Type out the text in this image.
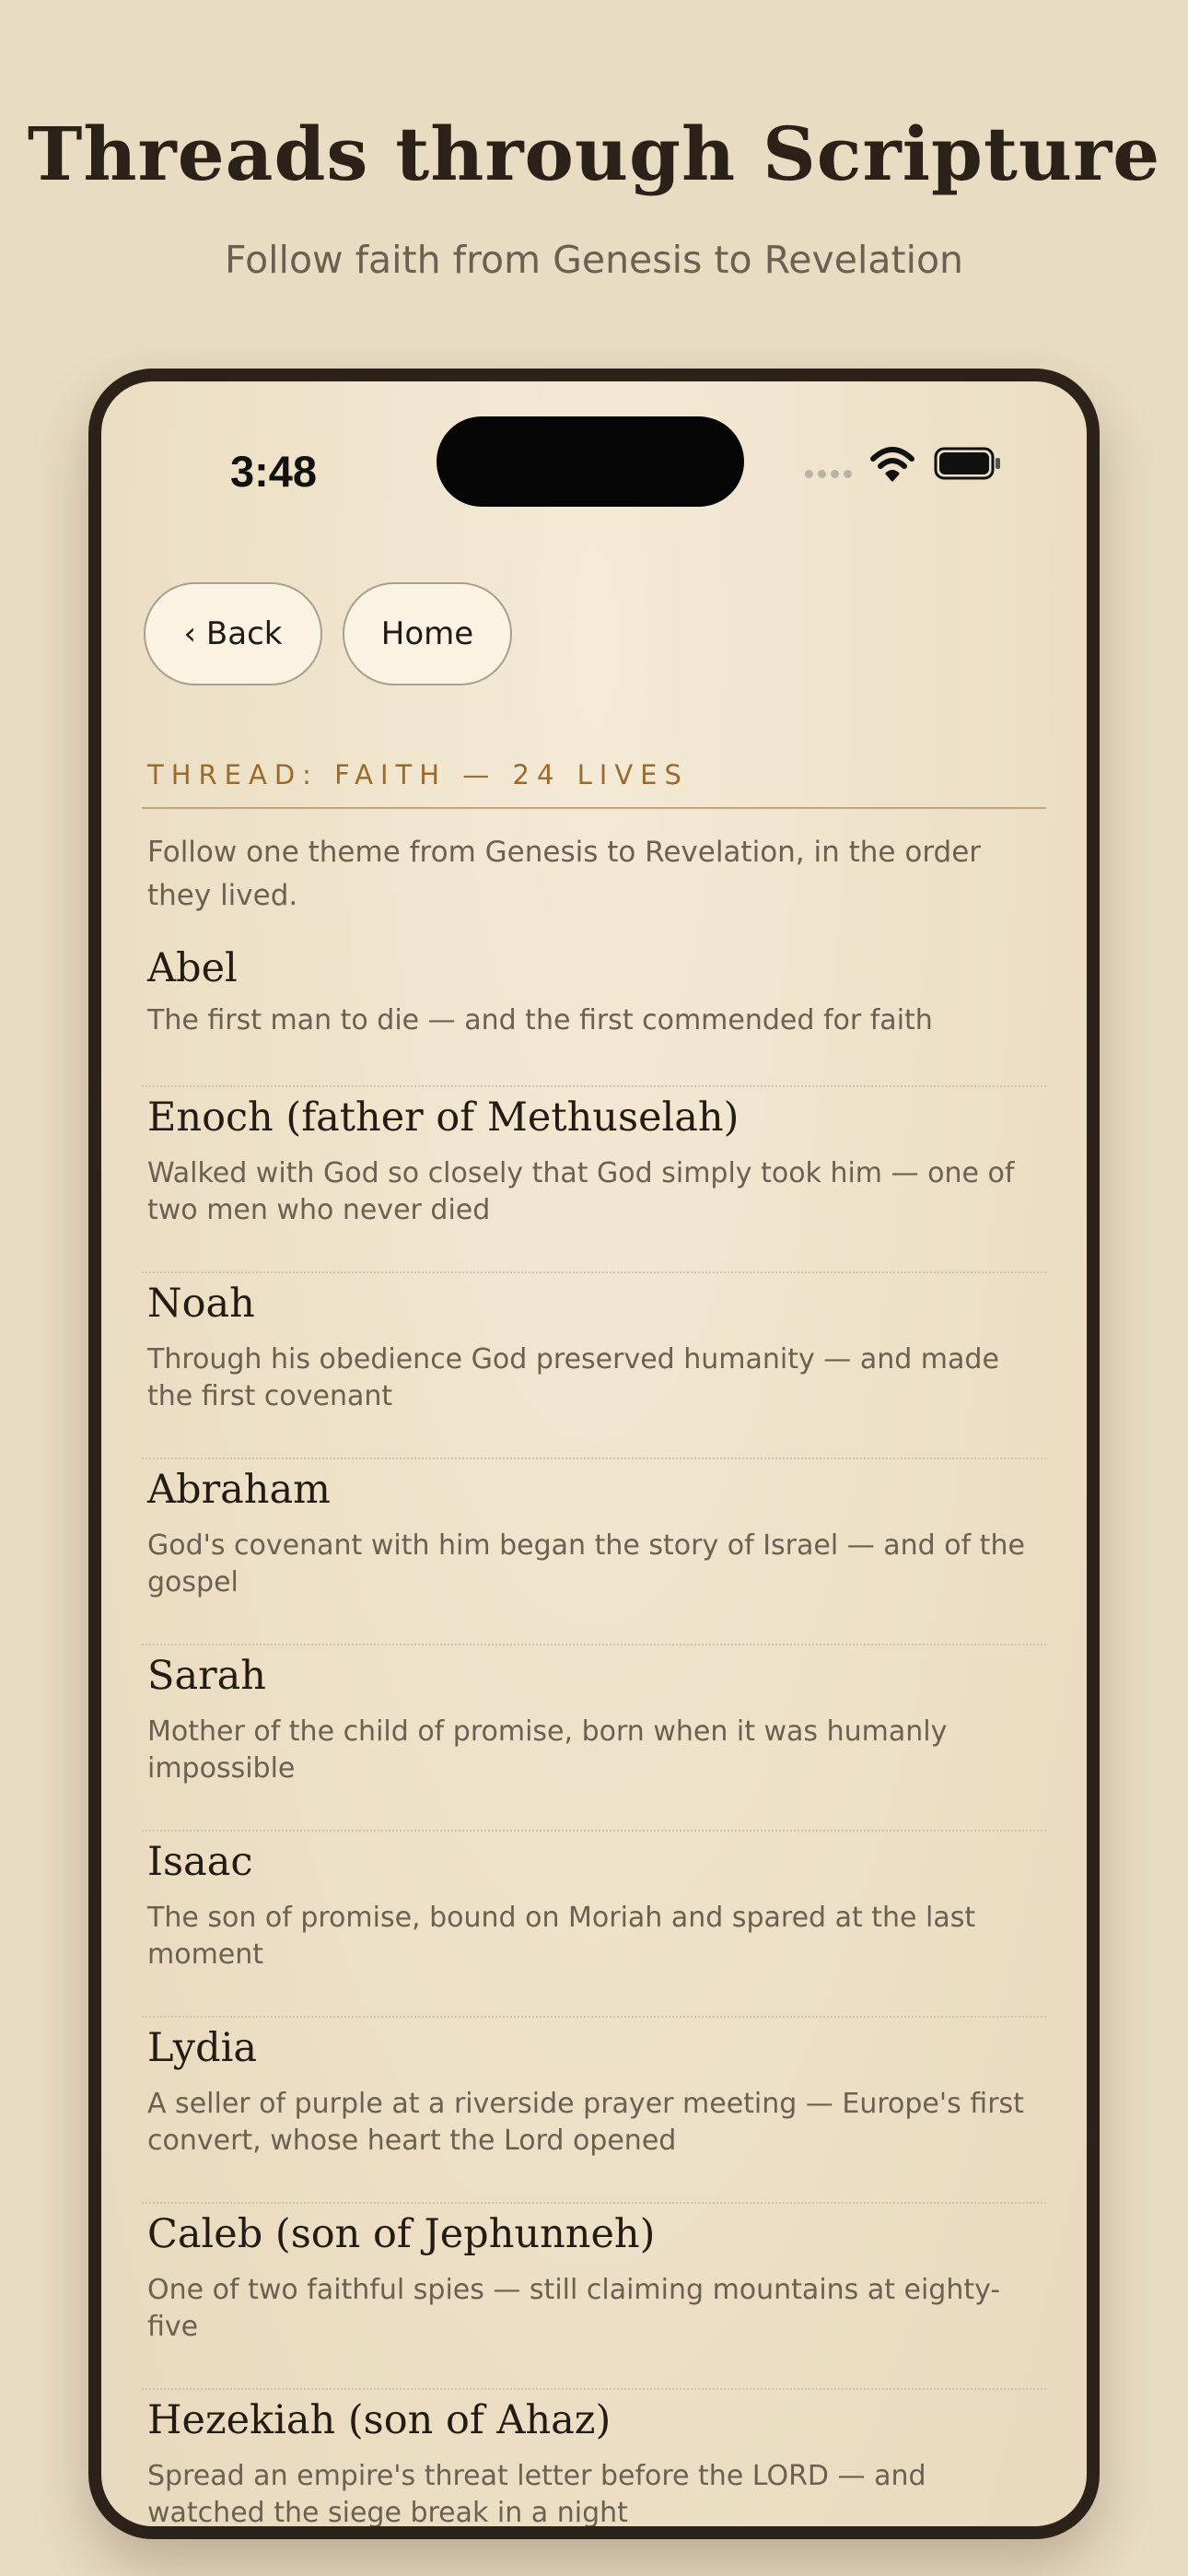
Threads through Scripture
Follow faith from Genesis to Revelation
3:48
‹ Back	Home
THREAD: FAITH — 24 LIVES
Follow one theme from Genesis to Revelation, in the order they lived.
Abel
The first man to die — and the first commended for faith
Enoch (father of Methuselah)
Walked with God so closely that God simply took him — one of two men who never died
Noah
Through his obedience God preserved humanity — and made the first covenant
Abraham
God's covenant with him began the story of Israel — and of the gospel
Sarah
Mother of the child of promise, born when it was humanly impossible
Isaac
The son of promise, bound on Moriah and spared at the last moment
Lydia
A seller of purple at a riverside prayer meeting — Europe's first convert, whose heart the Lord opened
Caleb (son of Jephunneh)
One of two faithful spies — still claiming mountains at eighty-five
Hezekiah (son of Ahaz)
Spread an empire's threat letter before the LORD — and watched the siege break in a night
